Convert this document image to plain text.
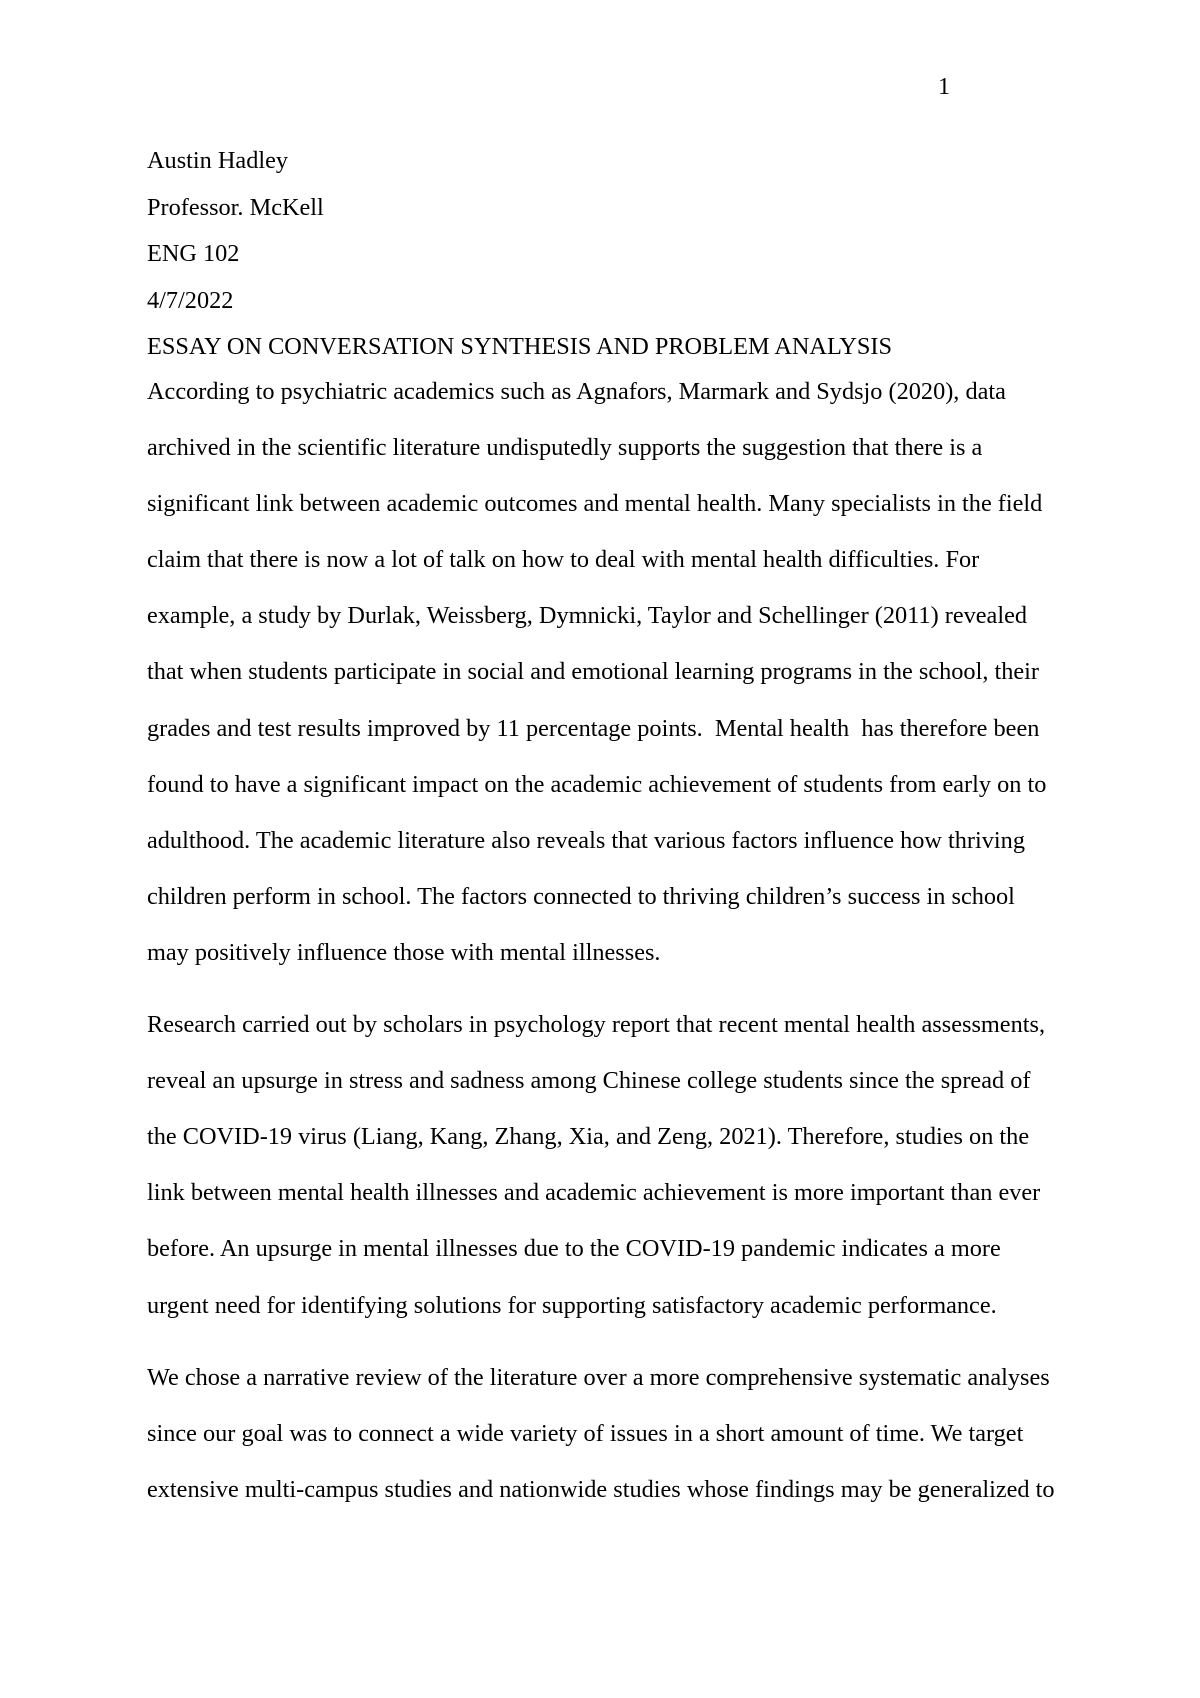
1
Austin Hadley
Professor. McKell
ENG 102
4/7/2022
ESSAY ON CONVERSATION SYNTHESIS AND PROBLEM ANALYSIS
According to psychiatric academics such as Agnafors, Marmark and Sydsjo (2020), data
archived in the scientific literature undisputedly supports the suggestion that there is a
significant link between academic outcomes and mental health. Many specialists in the field
claim that there is now a lot of talk on how to deal with mental health difficulties. For
example, a study by Durlak, Weissberg, Dymnicki, Taylor and Schellinger (2011) revealed
that when students participate in social and emotional learning programs in the school, their
grades and test results improved by 11 percentage points.  Mental health  has therefore been
found to have a significant impact on the academic achievement of students from early on to
adulthood. The academic literature also reveals that various factors influence how thriving
children perform in school. The factors connected to thriving children’s success in school
may positively influence those with mental illnesses.
Research carried out by scholars in psychology report that recent mental health assessments,
reveal an upsurge in stress and sadness among Chinese college students since the spread of
the COVID-19 virus (Liang, Kang, Zhang, Xia, and Zeng, 2021). Therefore, studies on the
link between mental health illnesses and academic achievement is more important than ever
before. An upsurge in mental illnesses due to the COVID-19 pandemic indicates a more
urgent need for identifying solutions for supporting satisfactory academic performance.
We chose a narrative review of the literature over a more comprehensive systematic analyses
since our goal was to connect a wide variety of issues in a short amount of time. We target
extensive multi-campus studies and nationwide studies whose findings may be generalized to
